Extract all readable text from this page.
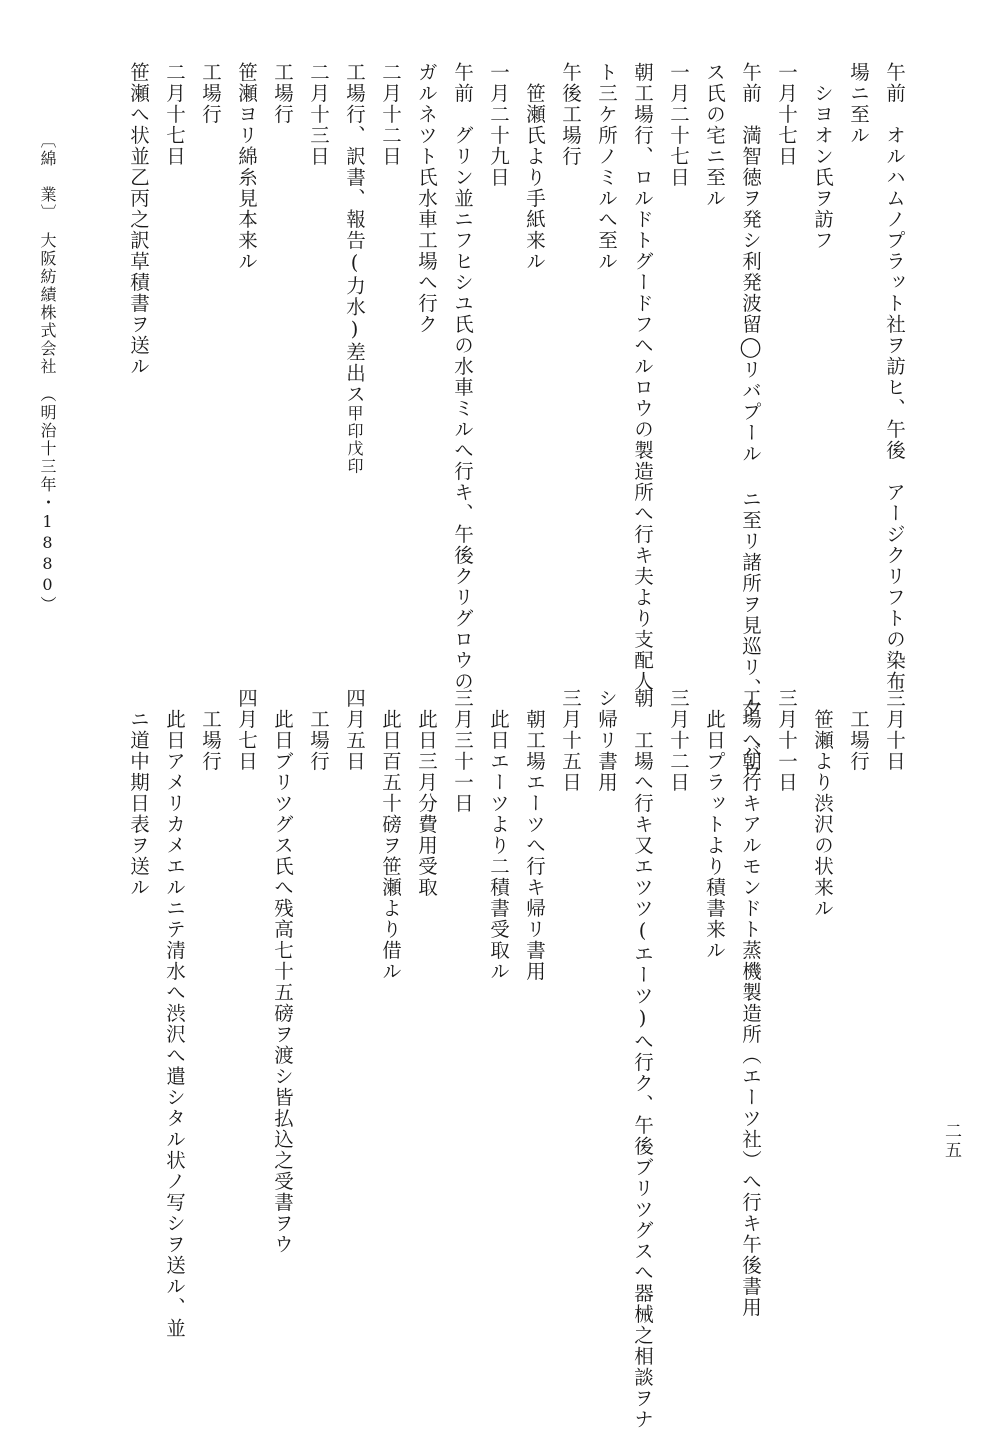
午前　オルハムノプラット社ヲ訪ヒ、午後　アージクリフトの染布
場ニ至ル
　シヨオン氏ヲ訪フ
一月十七日
午前　満智徳ヲ発シ利発波留◯リバプール ニ至リ諸所ヲ見巡リ、夕　バウ
ス氏の宅ニ至ル
一月二十七日
朝工場行、ロルドトグードフヘルロウの製造所へ行キ夫より支配人
ト三ケ所ノミルへ至ル
午後工場行
　笹瀬氏より手紙来ル
一月二十九日
午前　グリン並ニフヒシユ氏の水車ミルへ行キ、午後クリグロウの
ガルネツト氏水車工場へ行ク
二月十二日
工場行、訳書、報告(力水)差出ス甲印戊印
二月十三日
工場行
笹瀬ヨリ綿糸見本来ル
工場行
二月十七日
笹瀬へ状並乙丙之訳草積書ヲ送ル
三月十日
　工場行
　笹瀬より渋沢の状来ル
三月十一日
工場へ朝行キアルモンドト蒸機製造所（エーツ社）へ行キ午後書用
　此日プラットより積書来ル
三月十二日
朝　工場へ行キ又エツツ(エーツ)へ行ク、午後ブリツグスへ器械之相談ヲナ
シ帰リ書用
三月十五日
　朝工場エーツへ行キ帰リ書用
　此日エーツより二積書受取ル
三月三十一日
　此日三月分費用受取
　此日百五十磅ヲ笹瀬より借ル
四月五日
　工場行
　此日ブリツグス氏へ残高七十五磅ヲ渡シ皆払込之受書ヲウ
四月七日
　工場行
　此日アメリカメエルニテ清水へ渋沢へ遣シタル状ノ写シヲ送ル、並
　ニ道中期日表ヲ送ル
〔綿　業〕　大阪紡績株式会社　（明治十三年・1880）
二五
